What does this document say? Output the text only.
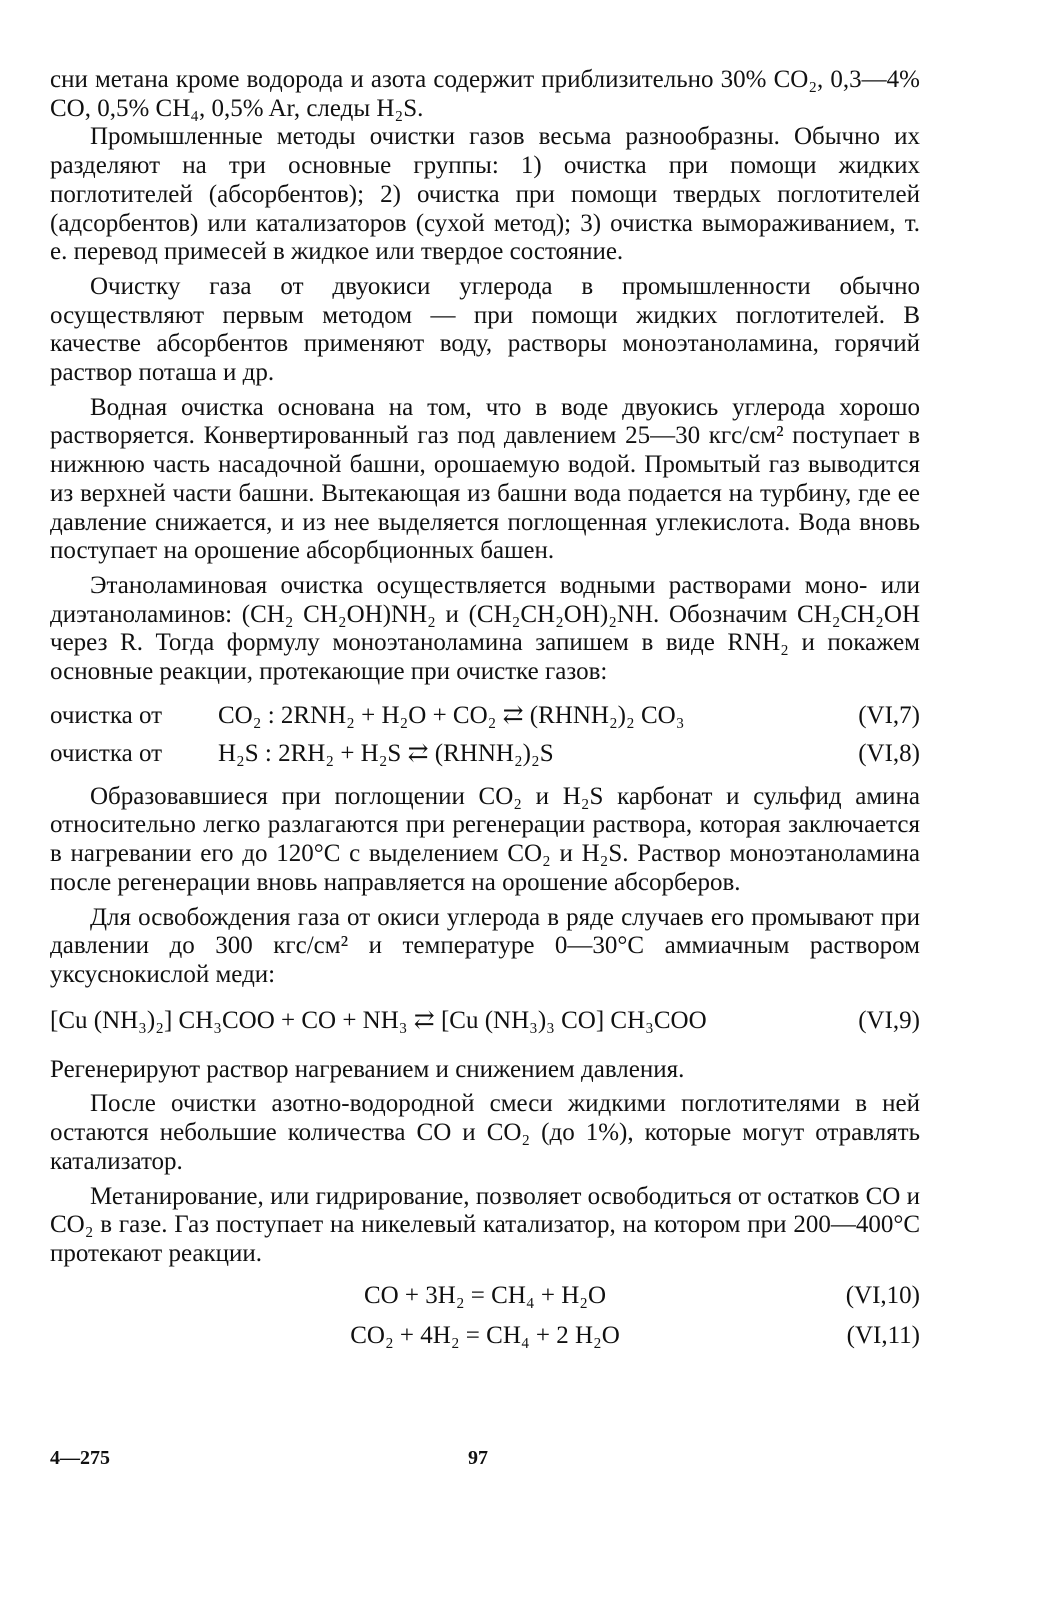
сни метана кроме водорода и азота содержит приблизительно 30% CO₂, 0,3—4% CO, 0,5% CH₄, 0,5% Ar, следы H₂S.

Промышленные методы очистки газов весьма разнообразны. Обычно их разделяют на три основные группы: 1) очистка при помощи жидких поглотителей (абсорбентов); 2) очистка при помощи твердых поглотителей (адсорбентов) или катализаторов (сухой метод); 3) очистка вымораживанием, т. е. перевод примесей в жидкое или твердое состояние.

Очистку газа от двуокиси углерода в промышленности обычно осуществляют первым методом — при помощи жидких поглотителей. В качестве абсорбентов применяют воду, растворы моноэтаноламина, горячий раствор поташа и др.

Водная очистка основана на том, что в воде двуокись углерода хорошо растворяется. Конвертированный газ под давлением 25—30 кгс/см² поступает в нижнюю часть насадочной башни, орошаемую водой. Промытый газ выводится из верхней части башни. Вытекающая из башни вода подается на турбину, где ее давление снижается, и из нее выделяется поглощенная углекислота. Вода вновь поступает на орошение абсорбционных башен.

Этаноламиновая очистка осуществляется водными растворами моно- или диэтаноламинов: (CH₂ CH₂OH)NH₂ и (CH₂CH₂OH)₂NH. Обозначим CH₂CH₂OH через R. Тогда формулу моноэтаноламина запишем в виде RNH₂ и покажем основные реакции, протекающие при очистке газов:

очистка от CO₂ : 2RNH₂ + H₂O + CO₂ ⇄ (RHNH₂)₂ CO₃	(VI,7)
очистка от H₂S : 2RH₂ + H₂S ⇄ (RHNH₂)₂S	(VI,8)

Образовавшиеся при поглощении CO₂ и H₂S карбонат и сульфид амина относительно легко разлагаются при регенерации раствора, которая заключается в нагревании его до 120°C с выделением CO₂ и H₂S. Раствор моноэтаноламина после регенерации вновь направляется на орошение абсорберов.

Для освобождения газа от окиси углерода в ряде случаев его промывают при давлении до 300 кгс/см² и температуре 0—30°C аммиачным раствором уксуснокислой меди:

[Cu (NH₃)₂] CH₃COO + CO + NH₃ ⇄ [Cu (NH₃)₃ CO] CH₃COO	(VI,9)

Регенерируют раствор нагреванием и снижением давления.

После очистки азотно-водородной смеси жидкими поглотителями в ней остаются небольшие количества CO и CO₂ (до 1%), которые могут отравлять катализатор.

Метанирование, или гидрирование, позволяет освободиться от остатков CO и CO₂ в газе. Газ поступает на никелевый катализатор, на котором при 200—400°C протекают реакции.

CO + 3H₂ = CH₄ + H₂O	(VI,10)
CO₂ + 4H₂ = CH₄ + 2 H₂O	(VI,11)
4—275	97
